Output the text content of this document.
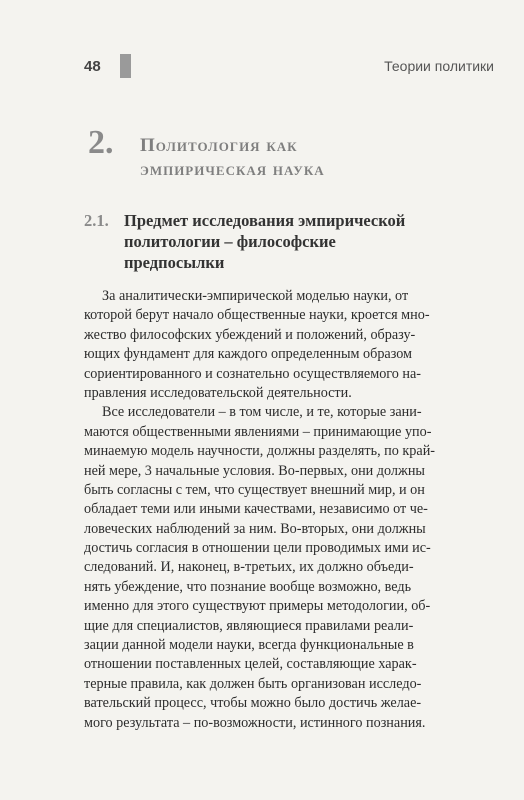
48	Теории политики
2. Политология как
эмпирическая наука
2.1. Предмет исследования эмпирической
политологии – философские
предпосылки
За аналитически-эмпирической моделью науки, от
которой берут начало общественные науки, кроется мно-
жество философских убеждений и положений, образу-
ющих фундамент для каждого определенным образом
сориентированного и сознательно осуществляемого на-
правления исследовательской деятельности.
Все исследователи – в том числе, и те, которые зани-
маются общественными явлениями – принимающие упо-
минаемую модель научности, должны разделять, по край-
ней мере, 3 начальные условия. Во-первых, они должны
быть согласны с тем, что существует внешний мир, и он
обладает теми или иными качествами, независимо от че-
ловеческих наблюдений за ним. Во-вторых, они должны
достичь согласия в отношении цели проводимых ими ис-
следований. И, наконец, в-третьих, их должно объеди-
нять убеждение, что познание вообще возможно, ведь
именно для этого существуют примеры методологии, об-
щие для специалистов, являющиеся правилами реали-
зации данной модели науки, всегда функциональные в
отношении поставленных целей, составляющие харак-
терные правила, как должен быть организован исследо-
вательский процесс, чтобы можно было достичь желае-
мого результата – по-возможности, истинного познания.
